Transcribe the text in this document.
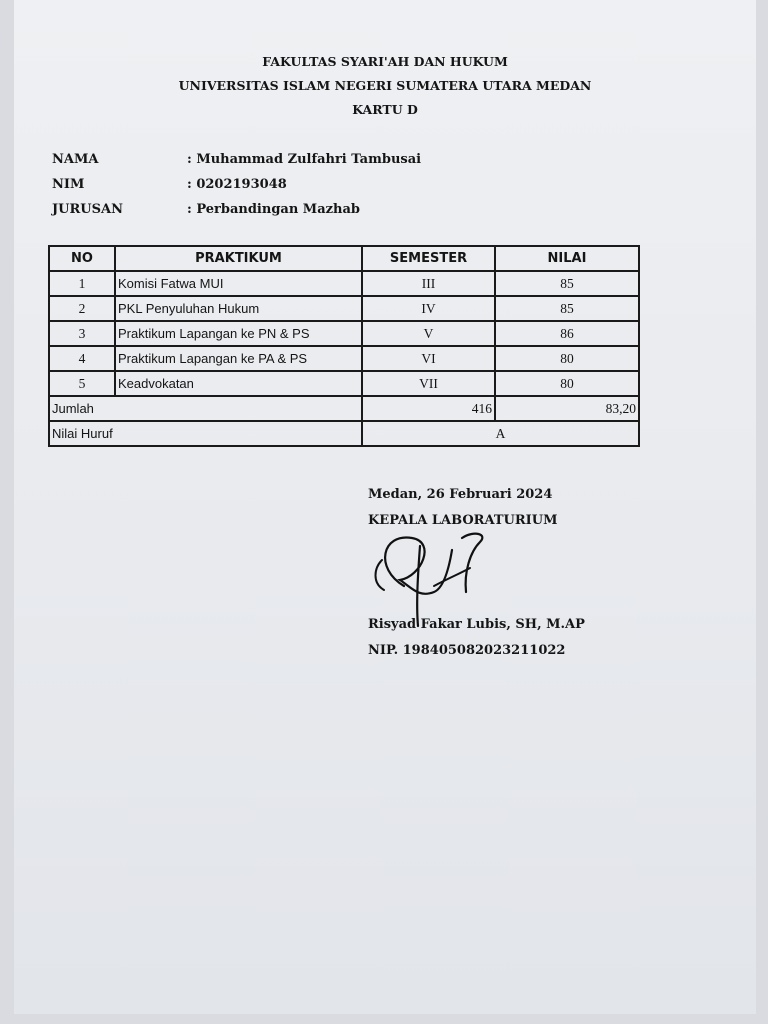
FAKULTAS SYARI'AH DAN HUKUM
UNIVERSITAS ISLAM NEGERI SUMATERA UTARA MEDAN
KARTU D
NAMA	: Muhammad Zulfahri Tambusai
NIM	: 0202193048
JURUSAN	: Perbandingan Mazhab
NO	PRAKTIKUM	SEMESTER	NILAI
1	Komisi Fatwa MUI	III	85
2	PKL Penyuluhan Hukum	IV	85
3	Praktikum Lapangan ke PN & PS	V	86
4	Praktikum Lapangan ke PA & PS	VI	80
5	Keadvokatan	VII	80
Jumlah		416	83,20
Nilai Huruf		A	
Medan, 26 Februari 2024
KEPALA LABORATURIUM
Risyad Fakar Lubis, SH, M.AP
NIP. 198405082023211022
